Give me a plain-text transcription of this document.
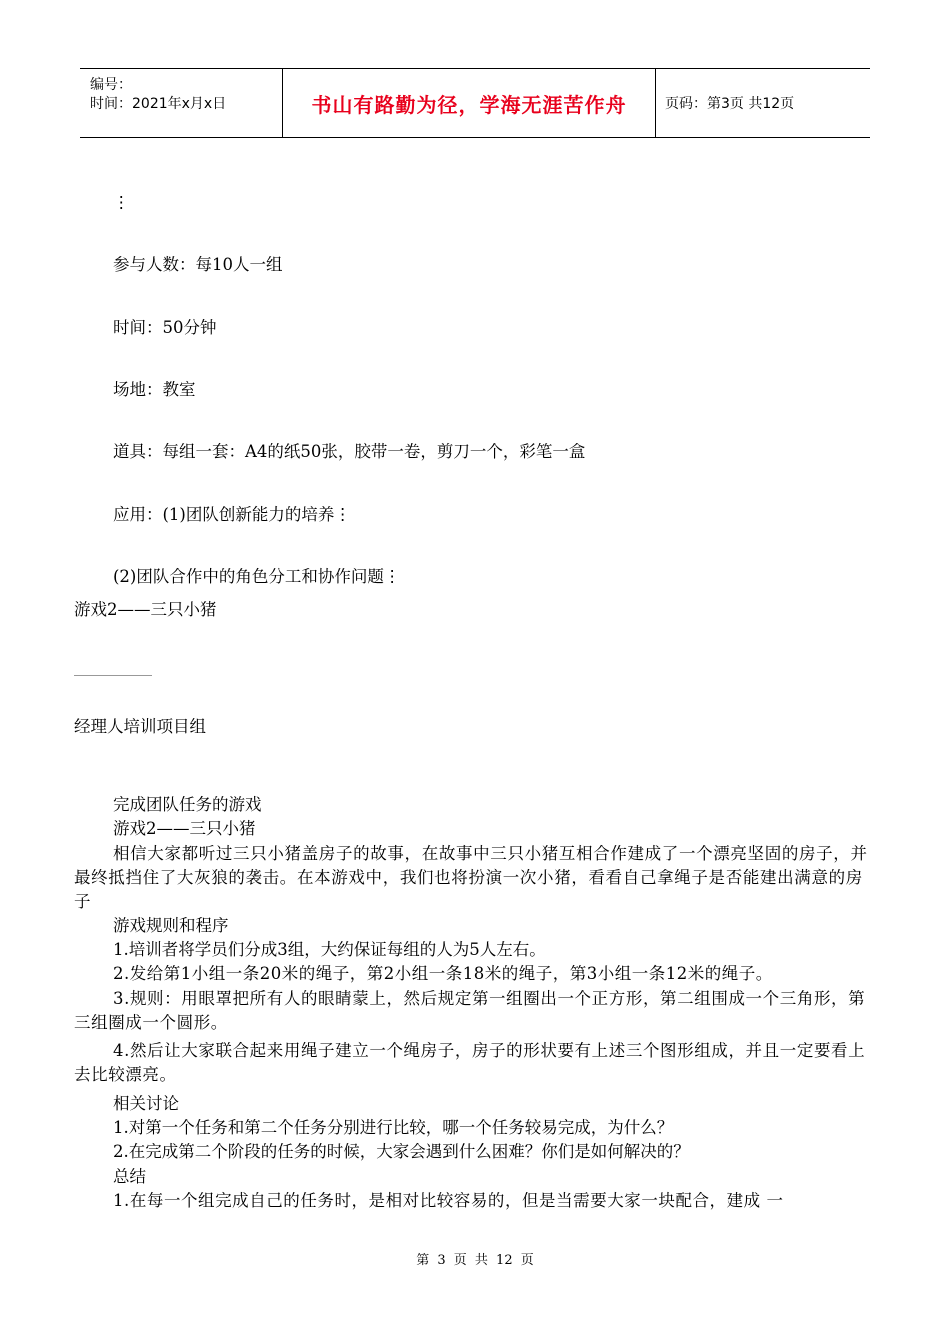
编号：
时间：2021年x月x日	书山有路勤为径，学海无涯苦作舟	页码：第3页 共12页
⋮
参与人数：每10人一组
时间：50分钟
场地：教室
道具：每组一套：A4的纸50张，胶带一卷，剪刀一个，彩笔一盒
应用：(1)团队创新能力的培养⋮
(2)团队合作中的角色分工和协作问题⋮
游戏2——三只小猪
经理人培训项目组
完成团队任务的游戏
游戏2——三只小猪
相信大家都听过三只小猪盖房子的故事，在故事中三只小猪互相合作建成了一个漂亮坚固的房子，并最终抵挡住了大灰狼的袭击。在本游戏中，我们也将扮演一次小猪，看看自己拿绳子是否能建出满意的房子
游戏规则和程序
1.培训者将学员们分成3组，大约保证每组的人为5人左右。
2.发给第1小组一条20米的绳子，第2小组一条18米的绳子，第3小组一条12米的绳子。
3.规则：用眼罩把所有人的眼睛蒙上，然后规定第一组圈出一个正方形，第二组围成一个三角形，第三组圈成一个圆形。
4.然后让大家联合起来用绳子建立一个绳房子，房子的形状要有上述三个图形组成，并且一定要看上去比较漂亮。
相关讨论
1.对第一个任务和第二个任务分别进行比较，哪一个任务较易完成，为什么？
2.在完成第二个阶段的任务的时候，大家会遇到什么困难？你们是如何解决的？
总结
1.在每一个组完成自己的任务时，是相对比较容易的，但是当需要大家一块配合，建成 一
第 3 页 共 12 页
